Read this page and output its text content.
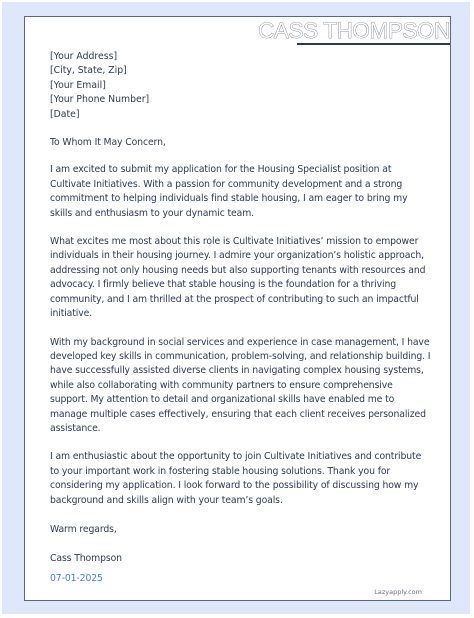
CASS THOMPSON
[Your Address]
[City, State, Zip]
[Your Email]
[Your Phone Number]
[Date]

To Whom It May Concern,

I am excited to submit my application for the Housing Specialist position at Cultivate Initiatives. With a passion for community development and a strong commitment to helping individuals find stable housing, I am eager to bring my skills and enthusiasm to your dynamic team.

What excites me most about this role is Cultivate Initiatives’ mission to empower individuals in their housing journey. I admire your organization’s holistic approach, addressing not only housing needs but also supporting tenants with resources and advocacy. I firmly believe that stable housing is the foundation for a thriving community, and I am thrilled at the prospect of contributing to such an impactful initiative.

With my background in social services and experience in case management, I have developed key skills in communication, problem-solving, and relationship building. I have successfully assisted diverse clients in navigating complex housing systems, while also collaborating with community partners to ensure comprehensive support. My attention to detail and organizational skills have enabled me to manage multiple cases effectively, ensuring that each client receives personalized assistance.

I am enthusiastic about the opportunity to join Cultivate Initiatives and contribute to your important work in fostering stable housing solutions. Thank you for considering my application. I look forward to the possibility of discussing how my background and skills align with your team’s goals.

Warm regards,

Cass Thompson

07-01-2025

Lazyapply.com
